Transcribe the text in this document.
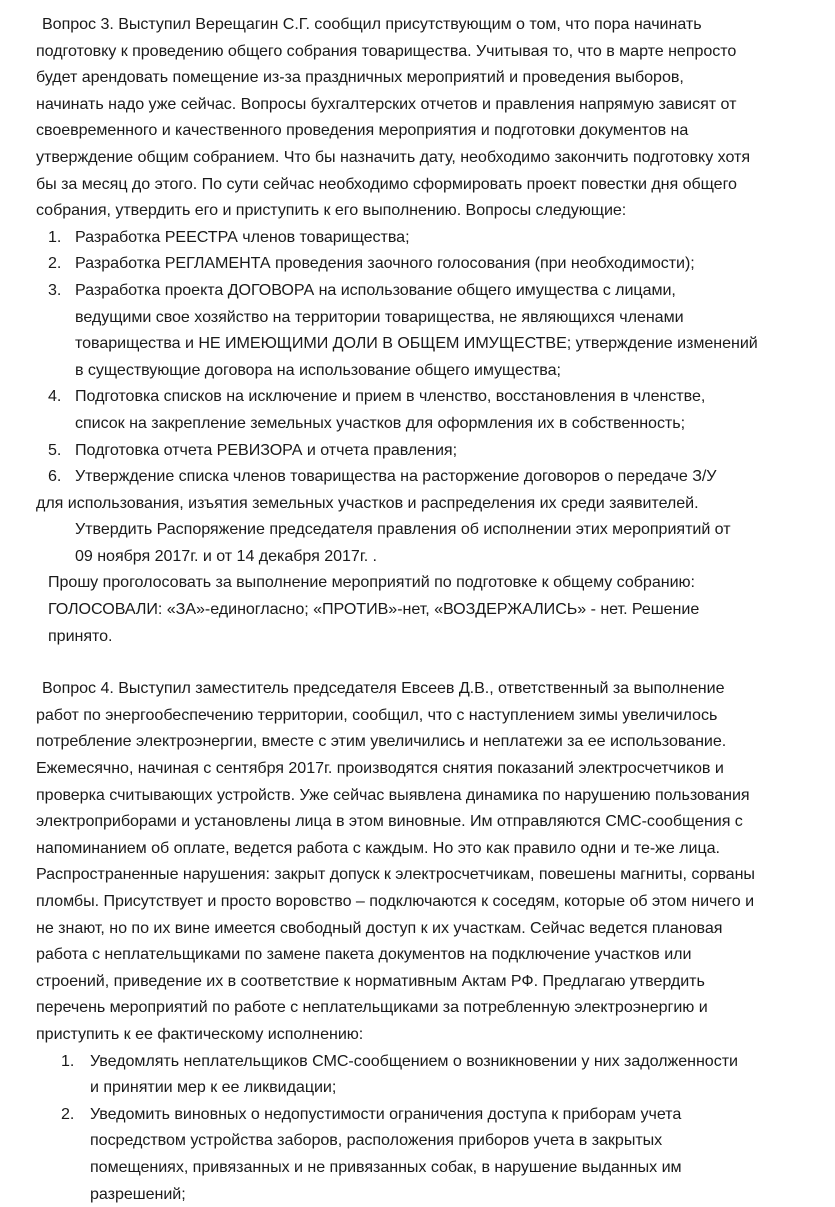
Вопрос 3. Выступил Верещагин С.Г. сообщил присутствующим о том, что пора начинать

подготовку к проведению общего собрания товарищества. Учитывая то, что в марте непросто

будет арендовать помещение из-за праздничных мероприятий и проведения выборов,

начинать надо уже сейчас. Вопросы бухгалтерских отчетов и правления напрямую зависят от

своевременного и качественного проведения мероприятия и подготовки документов на

утверждение общим собранием. Что бы назначить дату, необходимо закончить подготовку хотя

бы за месяц до этого. По сути сейчас необходимо сформировать проект повестки дня общего

собрания, утвердить его и приступить к его выполнению. Вопросы следующие:

1. Разработка РЕЕСТРА членов товарищества;
2. Разработка РЕГЛАМЕНТА проведения заочного голосования (при необходимости);
3. Разработка проекта ДОГОВОРА на использование общего имущества с лицами,
ведущими свое хозяйство на территории товарищества, не являющихся членами
товарищества и НЕ ИМЕЮЩИМИ ДОЛИ В ОБЩЕМ ИМУЩЕСТВЕ; утверждение изменений
в существующие договора на использование общего имущества;
4. Подготовка списков на исключение и прием в членство, восстановления в членстве,
список на закрепление земельных участков для оформления их в собственность;
5. Подготовка отчета РЕВИЗОРА и отчета правления;
6. Утверждение списка членов товарищества на расторжение договоров о передаче З/У
для использования, изъятия земельных участков и распределения их среди заявителей.
Утвердить Распоряжение председателя правления об исполнении этих мероприятий от
09 ноября 2017г. и от 14 декабря 2017г. .

Прошу проголосовать за выполнение мероприятий по подготовке к общему собранию:

ГОЛОСОВАЛИ: «ЗА»-единогласно; «ПРОТИВ»-нет, «ВОЗДЕРЖАЛИСЬ» - нет. Решение

принято.

Вопрос 4. Выступил заместитель председателя Евсеев Д.В., ответственный за выполнение

работ по энергообеспечению территории, сообщил, что с наступлением зимы увеличилось

потребление электроэнергии, вместе с этим увеличились и неплатежи за ее использование.

Ежемесячно, начиная с сентября 2017г. производятся снятия показаний электросчетчиков и

проверка считывающих устройств. Уже сейчас выявлена динамика по нарушению пользования

электроприборами и установлены лица в этом виновные. Им отправляются СМС-сообщения с

напоминанием об оплате, ведется работа с каждым. Но это как правило одни и те-же лица.

Распространенные нарушения: закрыт допуск к электросчетчикам, повешены магниты, сорваны

пломбы. Присутствует и просто воровство – подключаются к соседям, которые об этом ничего и

не знают, но по их вине имеется свободный доступ к их участкам. Сейчас ведется плановая

работа с неплательщиками по замене пакета документов на подключение участков или

строений, приведение их в соответствие к нормативным Актам РФ. Предлагаю утвердить

перечень мероприятий по работе с неплательщиками за потребленную электроэнергию и

приступить к ее фактическому исполнению:

1. Уведомлять неплательщиков СМС-сообщением о возникновении у них задолженности
и принятии мер к ее ликвидации;
2. Уведомить виновных о недопустимости ограничения доступа к приборам учета
посредством устройства заборов, расположения приборов учета в закрытых
помещениях, привязанных и не привязанных собак, в нарушение выданных им
разрешений;
